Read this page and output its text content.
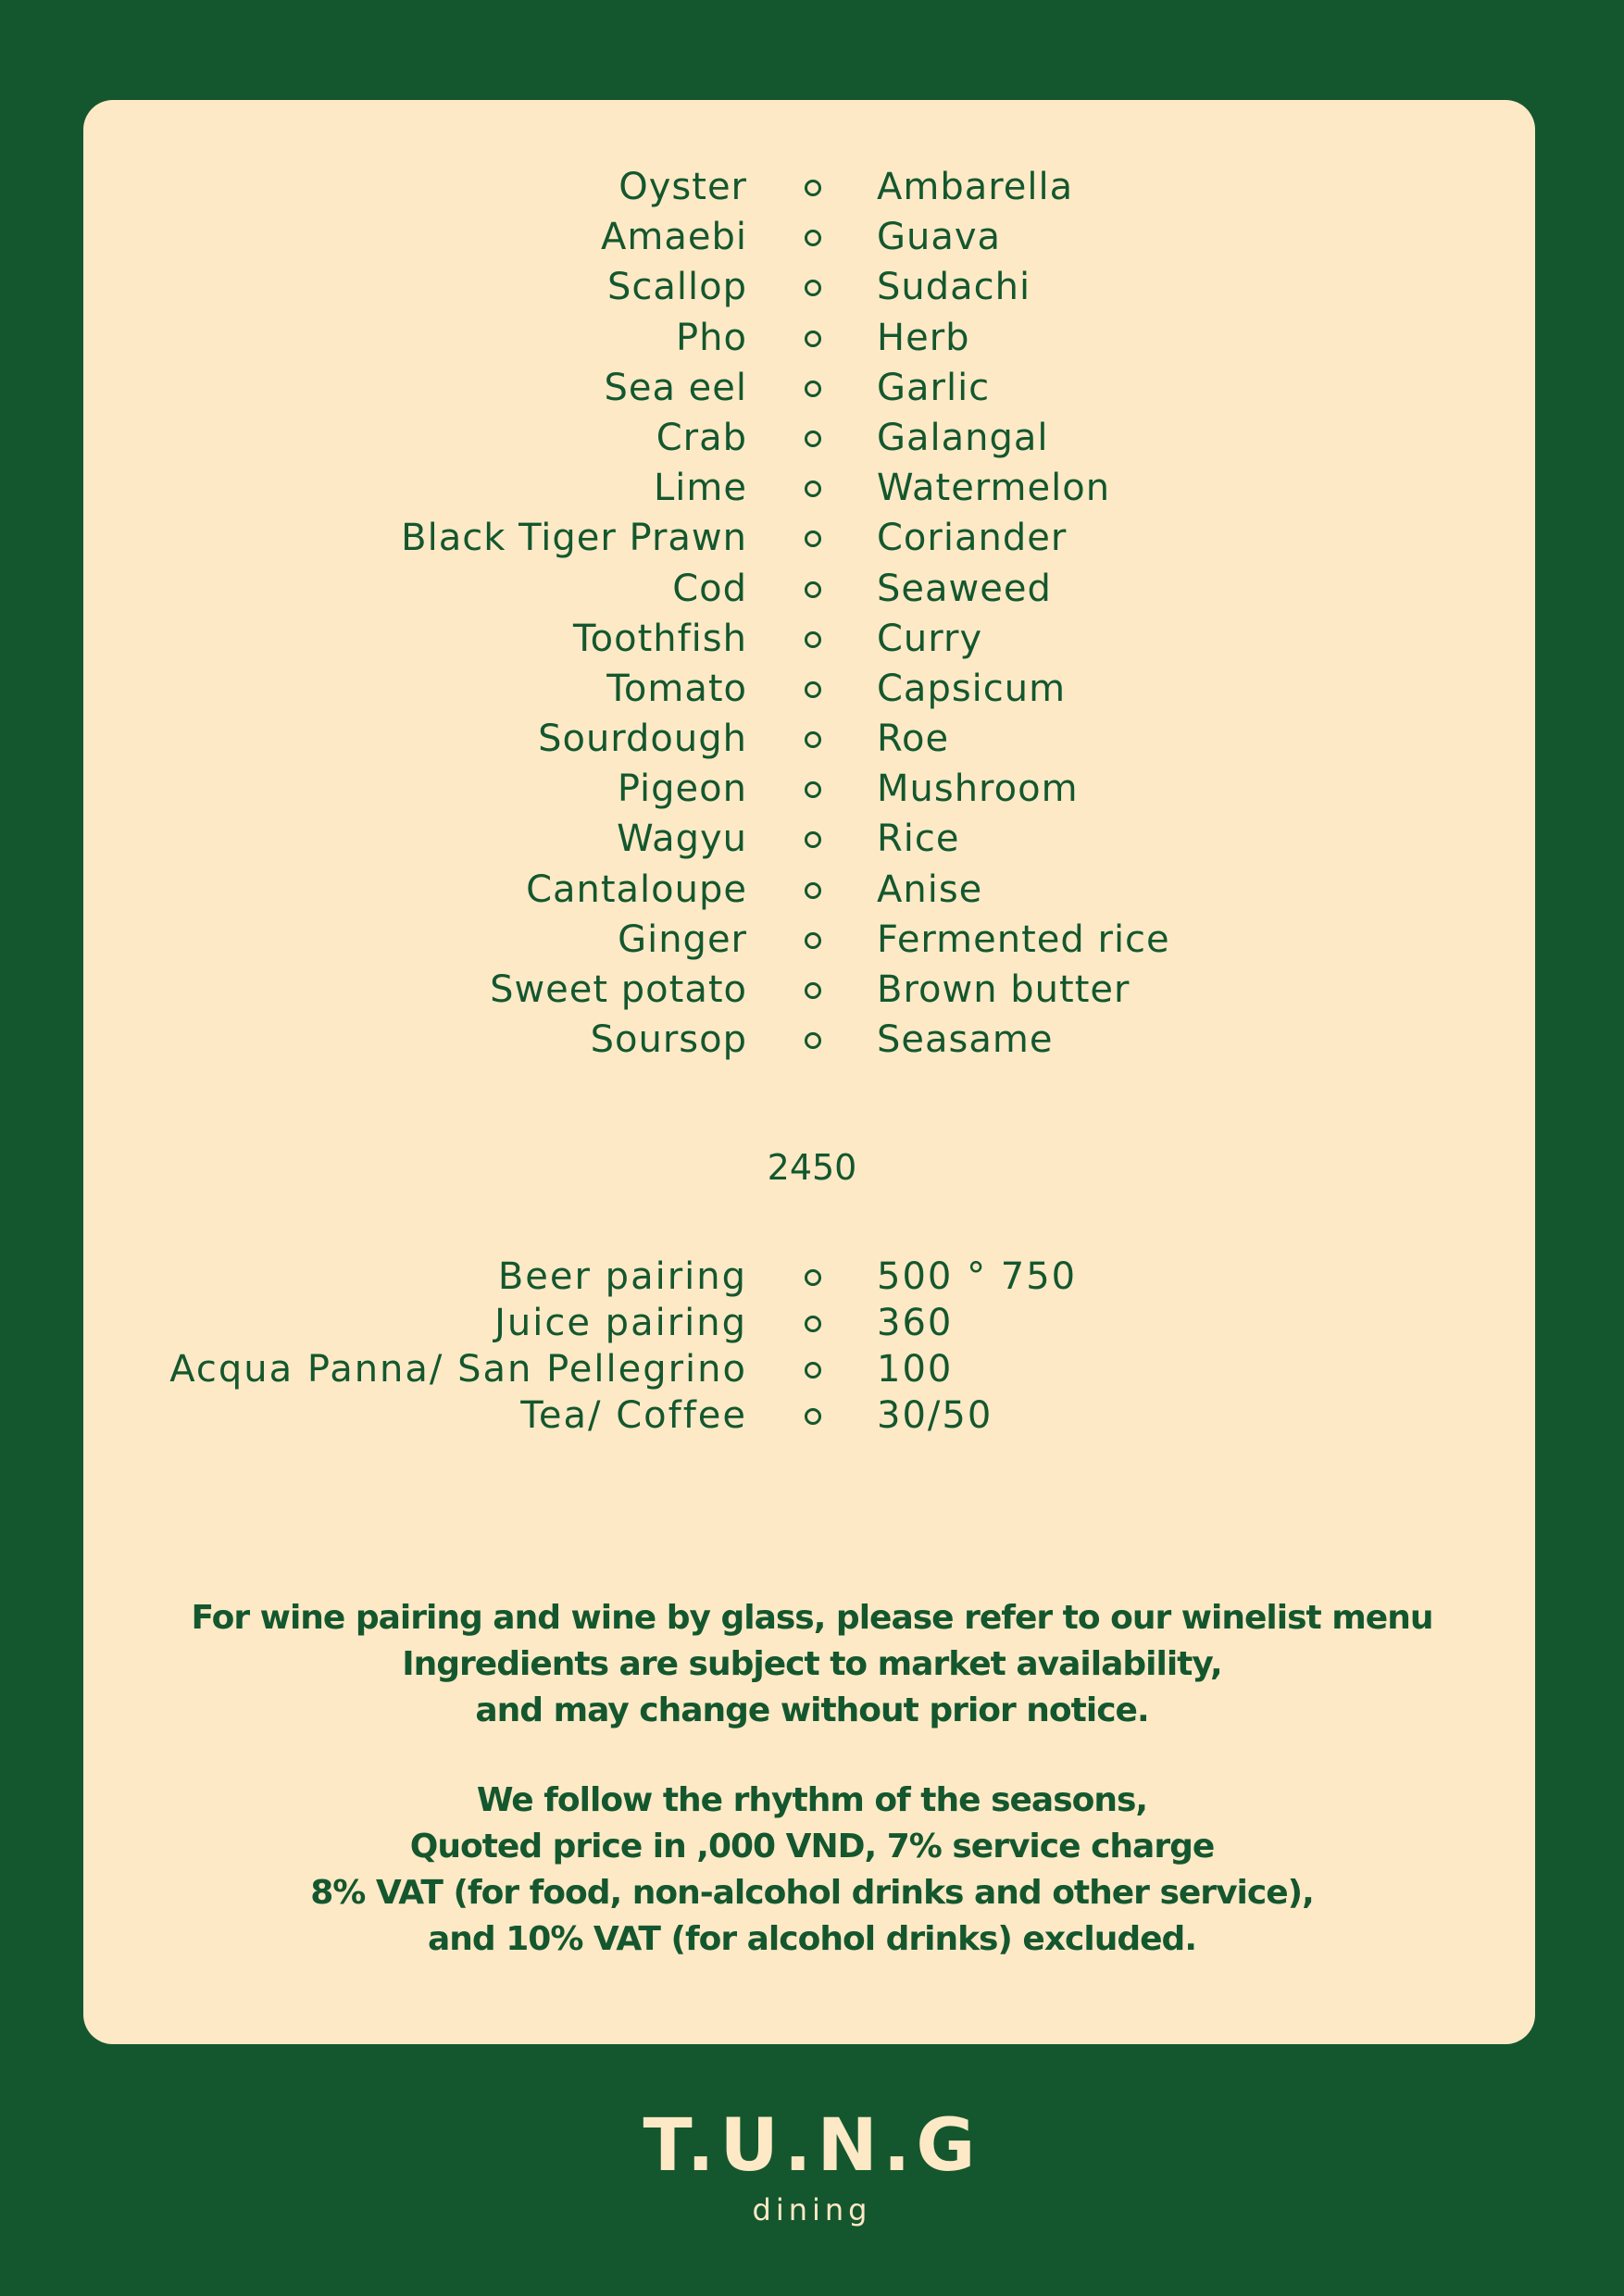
Oyster	Ambarella
Amaebi	Guava
Scallop	Sudachi
Pho	Herb
Sea eel	Garlic
Crab	Galangal
Lime	Watermelon
Black Tiger Prawn	Coriander
Cod	Seaweed
Toothfish	Curry
Tomato	Capsicum
Sourdough	Roe
Pigeon	Mushroom
Wagyu	Rice
Cantaloupe	Anise
Ginger	Fermented rice
Sweet potato	Brown butter
Soursop	Seasame
2450
Beer pairing	500 ° 750
Juice pairing	360
Acqua Panna/ San Pellegrino	100
Tea/ Coffee	30/50
For wine pairing and wine by glass, please refer to our winelist menu
Ingredients are subject to market availability,
and may change without prior notice.
We follow the rhythm of the seasons,
Quoted price in ,000 VND, 7% service charge
8% VAT (for food, non-alcohol drinks and other service),
and 10% VAT (for alcohol drinks) excluded.
T.U.N.G
dining
